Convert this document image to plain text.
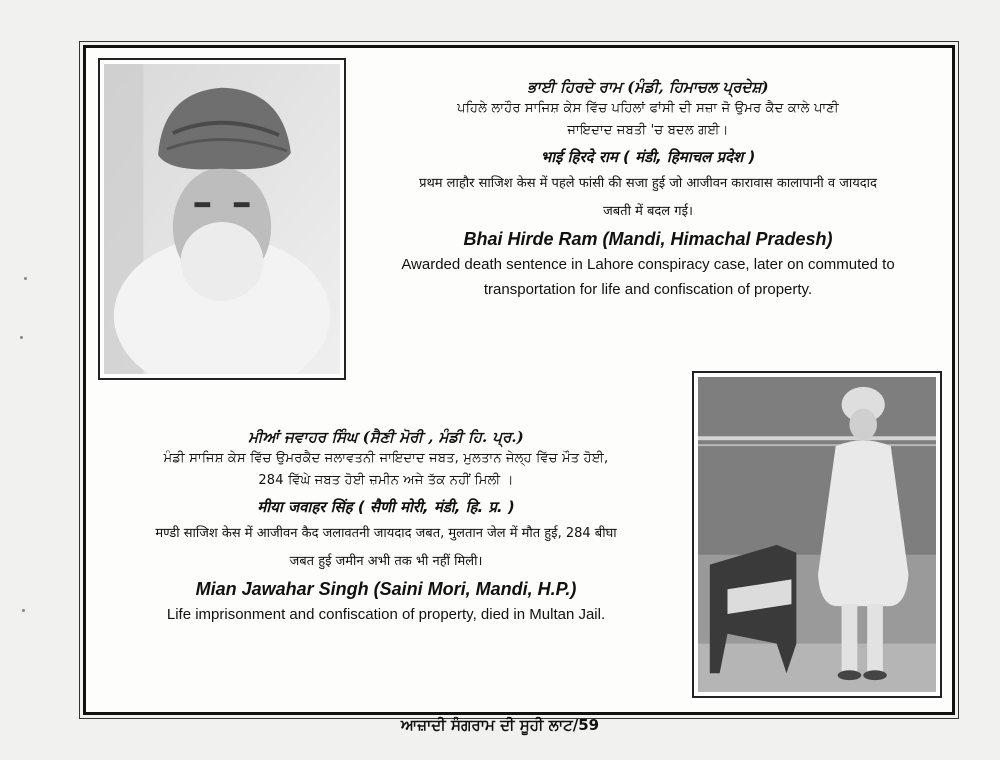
ਭਾਈ ਹਿਰਦੇ ਰਾਮ (ਮੰਡੀ, ਹਿਮਾਚਲ ਪ੍ਰਦੇਸ਼)
ਪਹਿਲੇ ਲਾਹੌਰ ਸਾਜਿਸ਼ ਕੇਸ ਵਿੱਚ ਪਹਿਲਾਂ ਫਾਂਸੀ ਦੀ ਸਜ਼ਾ ਜੋ ਉਮਰ ਕੈਦ ਕਾਲੇ ਪਾਣੀ
ਜਾਇਦਾਦ ਜਬਤੀ 'ਚ ਬਦਲ ਗਈ।
भाई हिरदे राम ( मंडी, हिमाचल प्रदेश )
प्रथम लाहौर साजिश केस में पहले फांसी की सजा हुई जो आजीवन कारावास कालापानी व जायदाद
जबती में बदल गई।
Bhai Hirde Ram (Mandi, Himachal Pradesh)
Awarded death sentence in Lahore conspiracy case, later on commuted to
transportation for life and confiscation of property.
ਮੀਆਂ ਜਵਾਹਰ ਸਿੰਘ (ਸੈਣੀ ਮੋਰੀ , ਮੰਡੀ ਹਿ. ਪ੍ਰ.)
ਮੰਡੀ ਸਾਜਿਸ਼ ਕੇਸ ਵਿੱਚ ਉਮਰਕੈਦ ਜਲਾਵਤਨੀ ਜਾਇਦਾਦ ਜਬਤ, ਮੁਲਤਾਨ ਜੇਲ੍ਹ ਵਿੱਚ ਮੌਤ ਹੋਈ,
284 ਵਿੱਘੇ ਜਬਤ ਹੋਈ ਜ਼ਮੀਨ ਅਜੇ ਤੱਕ ਨਹੀਂ ਮਿਲੀ ।
मीया जवाहर सिंह ( सैणी मोरी, मंडी, हि. प्र. )
मण्डी साजिश केस में आजीवन कैद जलावतनी जायदाद जबत, मुलतान जेल में मौत हुई, 284 बीघा
जबत हुई जमीन अभी तक भी नहीं मिली।
Mian Jawahar Singh (Saini Mori, Mandi, H.P.)
Life imprisonment and confiscation of property, died in Multan Jail.
ਆਜ਼ਾਦੀ ਸੰਗਰਾਮ ਦੀ ਸੂਹੀ ਲਾਟ/59
